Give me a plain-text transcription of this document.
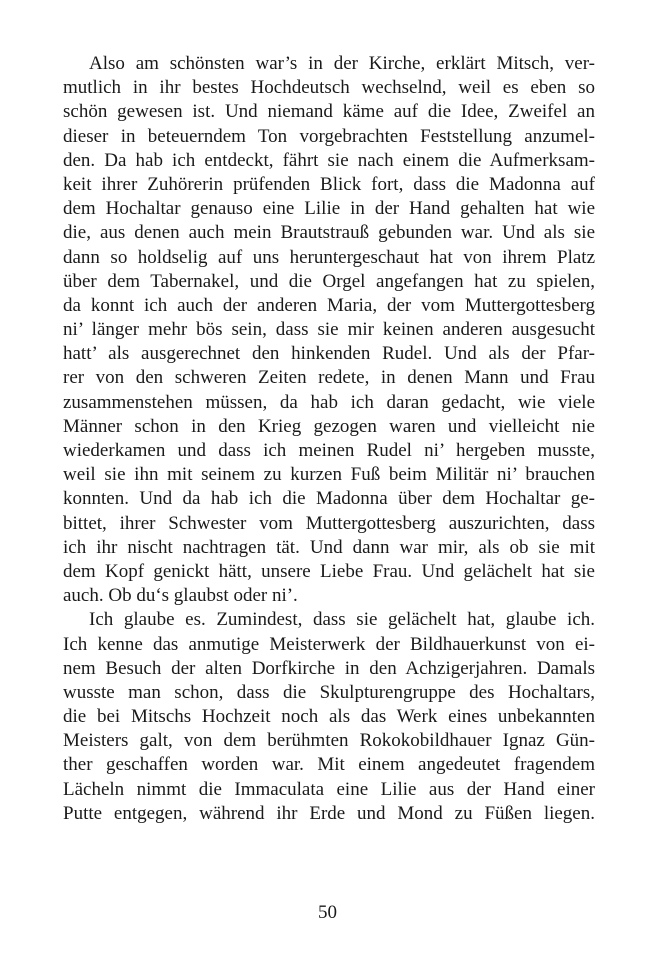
Also am schönsten war’s in der Kirche, erklärt Mitsch, ver-
mutlich in ihr bestes Hochdeutsch wechselnd, weil es eben so
schön gewesen ist. Und niemand käme auf die Idee, Zweifel an
dieser in beteuerndem Ton vorgebrachten Feststellung anzumel-
den. Da hab ich entdeckt, fährt sie nach einem die Aufmerksam-
keit ihrer Zuhörerin prüfenden Blick fort, dass die Madonna auf
dem Hochaltar genauso eine Lilie in der Hand gehalten hat wie
die, aus denen auch mein Brautstrauß gebunden war. Und als sie
dann so holdselig auf uns heruntergeschaut hat von ihrem Platz
über dem Tabernakel, und die Orgel angefangen hat zu spielen,
da konnt ich auch der anderen Maria, der vom Muttergottesberg
ni’ länger mehr bös sein, dass sie mir keinen anderen ausgesucht
hatt’ als ausgerechnet den hinkenden Rudel. Und als der Pfar-
rer von den schweren Zeiten redete, in denen Mann und Frau
zusammenstehen müssen, da hab ich daran gedacht, wie viele
Männer schon in den Krieg gezogen waren und vielleicht nie
wiederkamen und dass ich meinen Rudel ni’ hergeben musste,
weil sie ihn mit seinem zu kurzen Fuß beim Militär ni’ brauchen
konnten. Und da hab ich die Madonna über dem Hochaltar ge-
bittet, ihrer Schwester vom Muttergottesberg auszurichten, dass
ich ihr nischt nachtragen tät. Und dann war mir, als ob sie mit
dem Kopf genickt hätt, unsere Liebe Frau. Und gelächelt hat sie
auch. Ob du‘s glaubst oder ni’.
Ich glaube es. Zumindest, dass sie gelächelt hat, glaube ich.
Ich kenne das anmutige Meisterwerk der Bildhauerkunst von ei-
nem Besuch der alten Dorfkirche in den Achzigerjahren. Damals
wusste man schon, dass die Skulpturengruppe des Hochaltars,
die bei Mitschs Hochzeit noch als das Werk eines unbekannten
Meisters galt, von dem berühmten Rokokobildhauer Ignaz Gün-
ther geschaffen worden war. Mit einem angedeutet fragendem
Lächeln nimmt die Immaculata eine Lilie aus der Hand einer
Putte entgegen, während ihr Erde und Mond zu Füßen liegen.
50
